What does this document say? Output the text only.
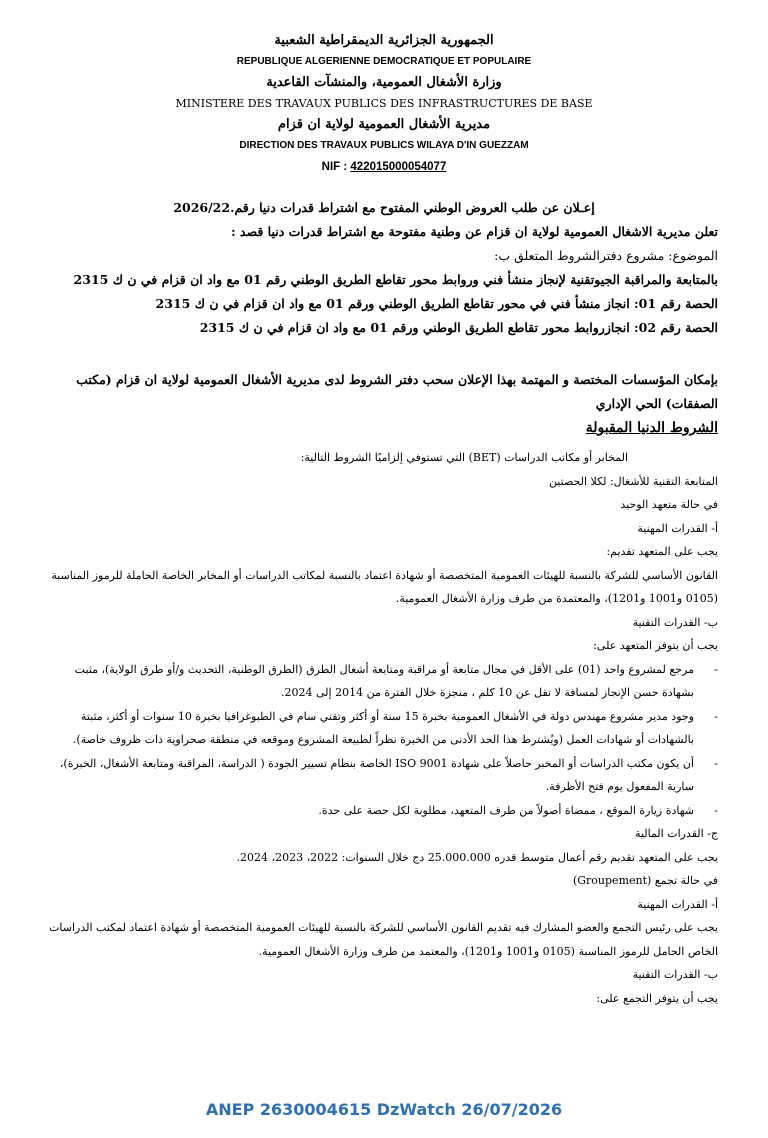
الجمهورية الجزائرية الديمقراطية الشعبية
REPUBLIQUE ALGERIENNE DEMOCRATIQUE ET POPULAIRE
وزارة الأشغال العمومية، والمنشآت القاعدية
MINISTERE DES TRAVAUX PUBLICS DES INFRASTRUCTURES DE BASE
مديرية الأشغال العمومية لولاية ان قزام
DIRECTION DES TRAVAUX PUBLICS WILAYA D'IN GUEZZAM
NIF : 422015000054077
إعـلان عن طلب العروض الوطني المفتوح مع اشتراط قدرات دنيا رقم.2026/22
تعلن مديرية الاشغال العمومية لولاية ان قزام عن وطنية مفتوحة مع اشتراط قدرات دنيا قصد :
الموضوع: مشروع دفترالشروط المتعلق ب:
بالمتابعة والمراقبة الجيوتقنية لإنجاز منشأ فني وروابط محور تقاطع الطريق الوطني رقم 01 مع واد ان قزام في ن ك 2315
الحصة رقم 01: انجاز منشأ فني في محور تقاطع الطريق الوطني ورقم 01 مع واد ان قزام في ن ك 2315
الحصة رقم 02: انجازروابط محور تقاطع الطريق الوطني ورقم 01 مع واد ان قزام في ن ك 2315
بإمكان المؤسسات المختصة و المهتمة بهذا الإعلان سحب دفتر الشروط لدى مديرية الأشغال العمومية لولاية ان قزام (مكتب الصفقات) الحي الإداري
الشروط الدنيا المقبولة
المخابر أو مكاتب الدراسات (BET) التي تستوفي إلزاميًا الشروط التالية:
المتابعة التقنية للأشغال: لكلا الحصتين
في حالة متعهد الوحيد
أ- القدرات المهنية
يجب على المتعهد تقديم:
القانون الأساسي للشركة بالنسبة للهيئات العمومية المتخصصة أو شهادة اعتماد بالنسبة لمكاتب الدراسات أو المخابر الخاصة الحاملة للرموز المناسبة (0105 و1001 و1201)، والمعتمدة من طرف وزارة الأشغال العمومية.
ب- القدرات التقنية
يجب أن يتوفر المتعهد على:
- مرجع لمشروع واحد (01) على الأقل في مجال متابعة أو مراقبة ومتابعة أشغال الطرق (الطرق الوطنية، التحديث و/أو طرق الولاية)، مثبت بشهادة حسن الإنجاز لمسافة لا تقل عن 10 كلم ، منجزة خلال الفترة من 2014 إلى 2024.
- وجود مدير مشروع مهندس دولة في الأشغال العمومية بخبرة 15 سنة أو أكثر وتقني سام في الطبوغرافيا بخبرة 10 سنوات أو أكثر، مثبتة بالشهادات أو شهادات العمل (ويُشترط هذا الحد الأدنى من الخبرة نظراً لطبيعة المشروع وموقعه في منطقة صحراوية ذات ظروف خاصة).
- أن يكون مكتب الدراسات أو المخبر حاصلاً على شهادة ISO 9001 الخاصة بنظام تسيير الجودة ( الدراسة، المراقبة ومتابعة الأشغال، الخبرة)، سارية المفعول يوم فتح الأظرفة.
- شهادة زيارة الموقع ، ممضاة أصولاً من طرف المتعهد، مطلوبة لكل حصة على حدة.
ج- القدرات المالية
يجب على المتعهد تقديم رقم أعمال متوسط قدره 25.000.000 دج خلال السنوات: 2022، 2023، 2024.
في حالة تجمع (Groupement)
أ- القدرات المهنية
يجب على رئيس التجمع والعضو المشارك فيه تقديم القانون الأساسي للشركة بالنسبة للهيئات العمومية المتخصصة أو شهادة اعتماد لمكتب الدراسات الخاص الحامل للرموز المناسبة (0105 و1001 و1201)، والمعتمد من طرف وزارة الأشغال العمومية.
ب- القدرات التقنية
يجب أن يتوفر التجمع على:
ANEP 2630004615 DzWatch 26/07/2026
